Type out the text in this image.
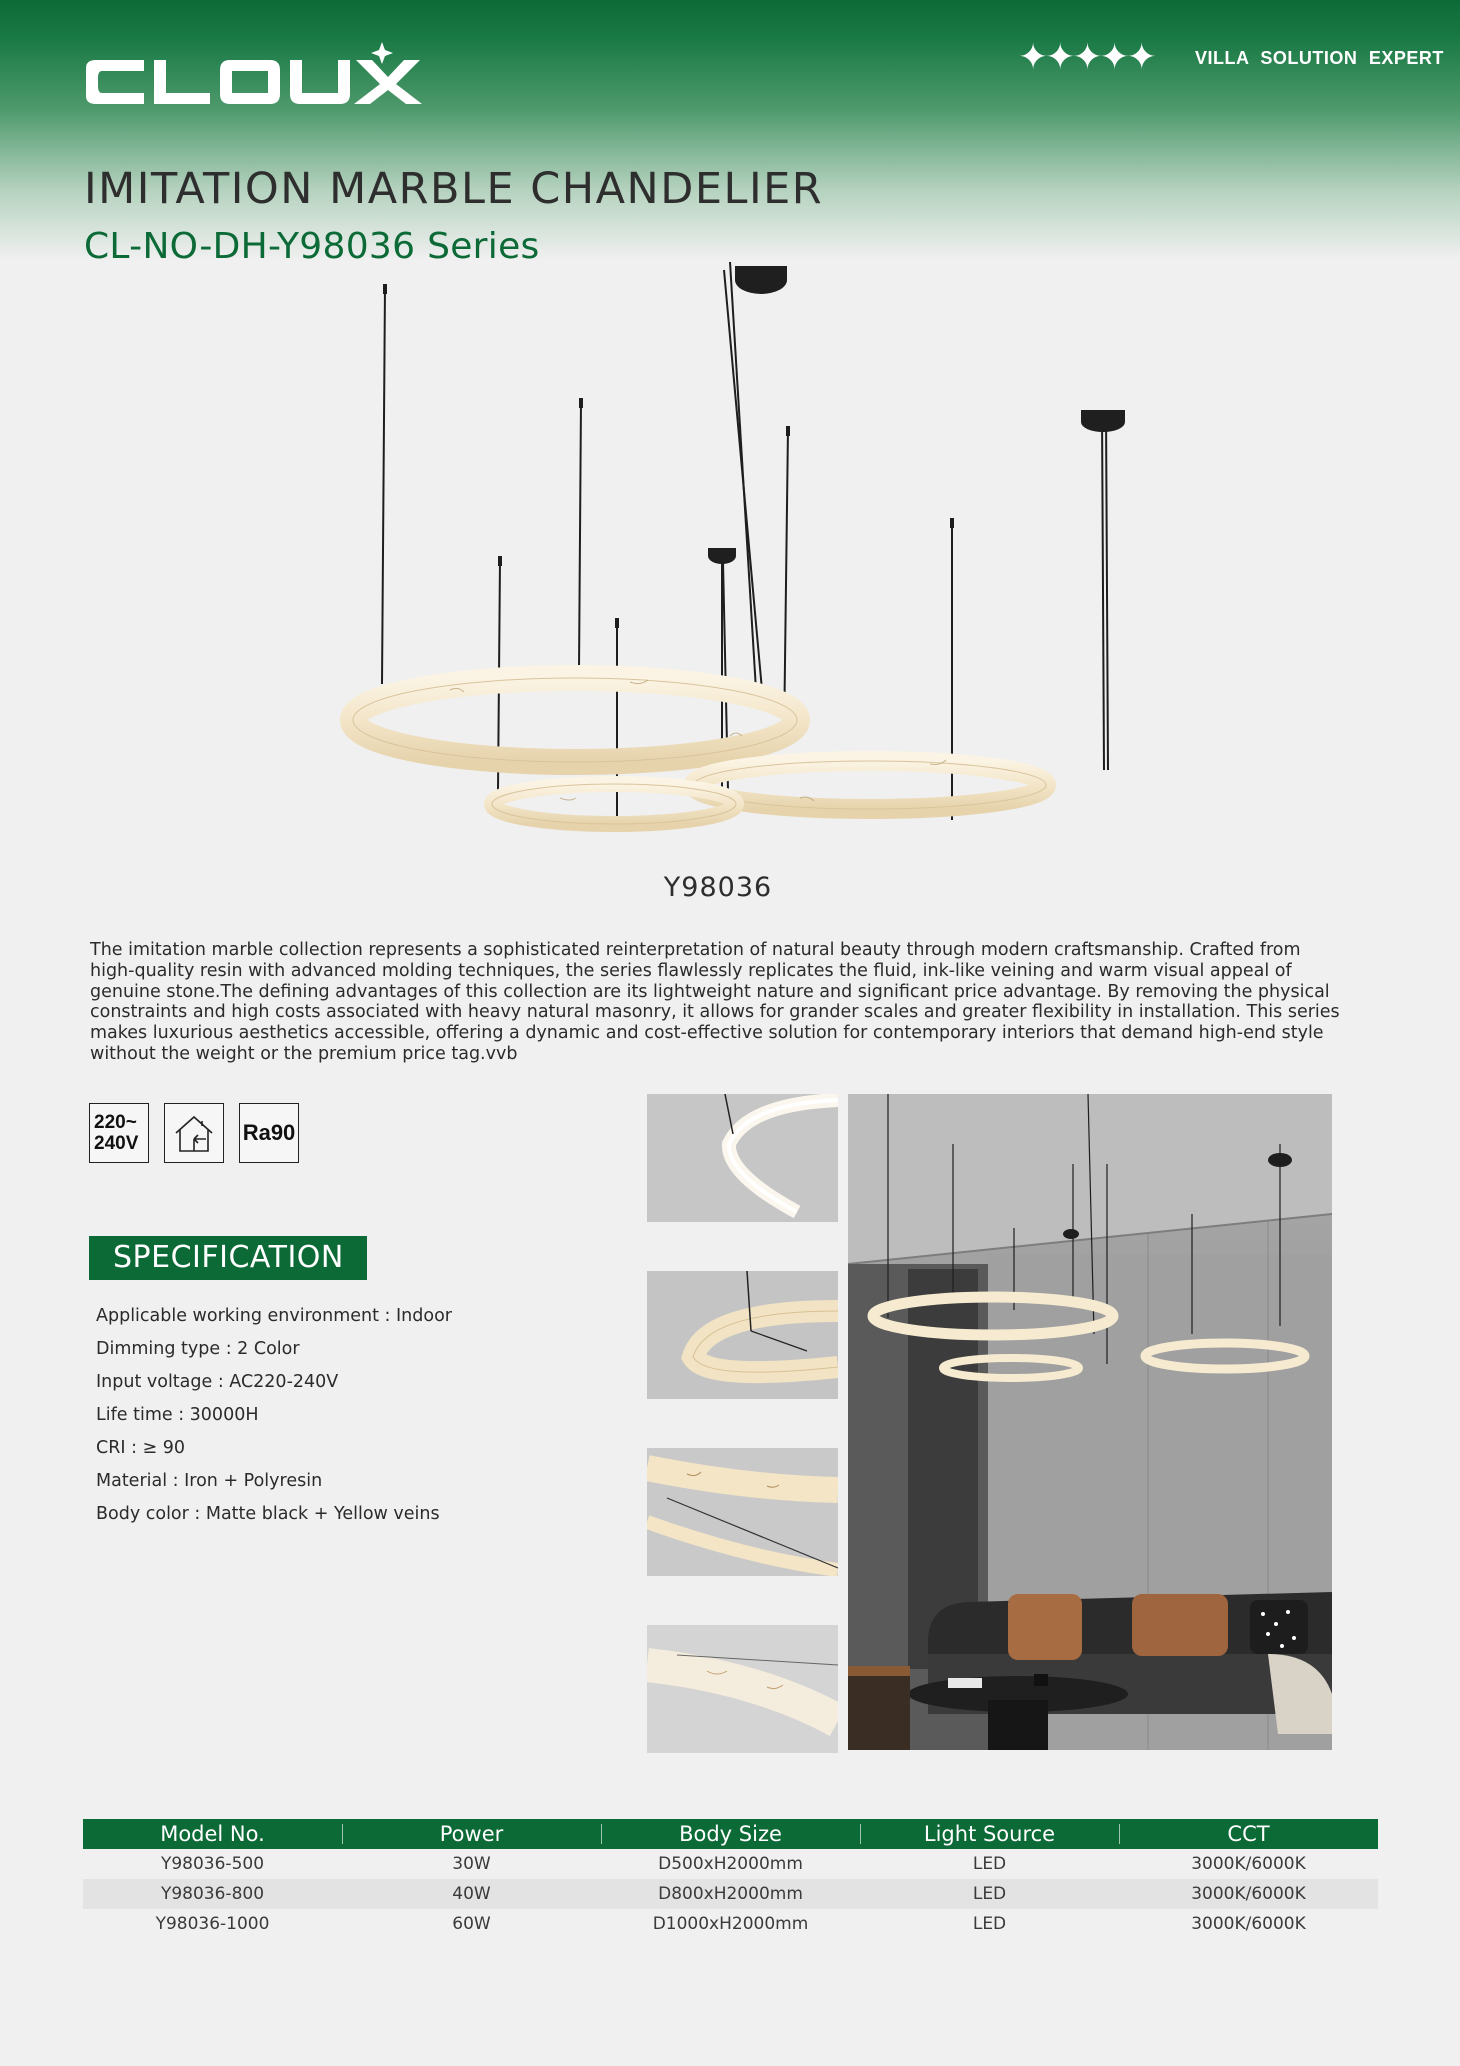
✦✦✦✦✦ VILLA SOLUTION EXPERT
IMITATION MARBLE CHANDELIER
CL-NO-DH-Y98036 Series
Y98036

The imitation marble collection represents a sophisticated reinterpretation of natural beauty through modern craftsmanship. Crafted from high-quality resin with advanced molding techniques, the series flawlessly replicates the fluid, ink-like veining and warm visual appeal of genuine stone.The defining advantages of this collection are its lightweight nature and significant price advantage. By removing the physical constraints and high costs associated with heavy natural masonry, it allows for grander scales and greater flexibility in installation. This series makes luxurious aesthetics accessible, offering a dynamic and cost-effective solution for contemporary interiors that demand high-end style without the weight or the premium price tag.vvb

220~
240V	Ra90
SPECIFICATION
Applicable working environment : Indoor
Dimming type : 2 Color
Input voltage : AC220-240V
Life time : 30000H
CRI : ≥ 90
Material : Iron + Polyresin
Body color : Matte black + Yellow veins
Model No.	Power	Body Size	Light Source	CCT
Y98036-500	30W	D500xH2000mm	LED	3000K/6000K
Y98036-800	40W	D800xH2000mm	LED	3000K/6000K
Y98036-1000	60W	D1000xH2000mm	LED	3000K/6000K
